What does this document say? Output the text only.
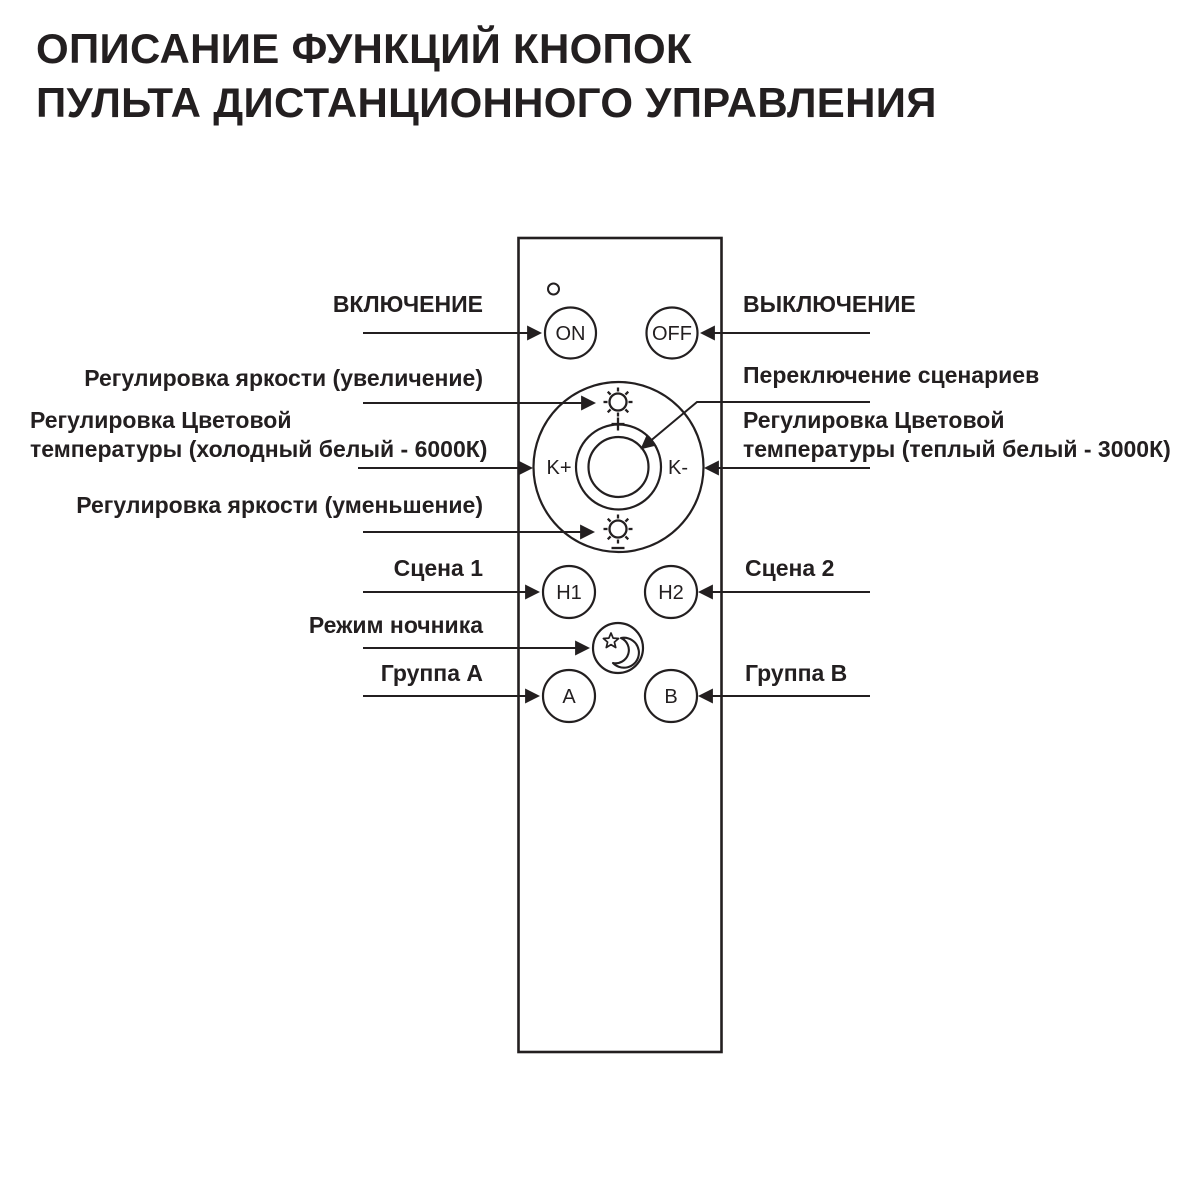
ОПИСАНИЕ ФУНКЦИЙ КНОПОК
ПУЛЬТА ДИСТАНЦИОННОГО УПРАВЛЕНИЯ
ON	OFF
K+	K-
H1	H2
A	B
ВКЛЮЧЕНИЕ
Регулировка яркости (увеличение)
Регулировка Цветовой
температуры (холодный белый - 6000К)
Регулировка яркости (уменьшение)
Сцена 1
Режим ночника
Группа A
ВЫКЛЮЧЕНИЕ
Переключение сценариев
Регулировка Цветовой
температуры (теплый белый - 3000К)
Сцена 2
Группа B
